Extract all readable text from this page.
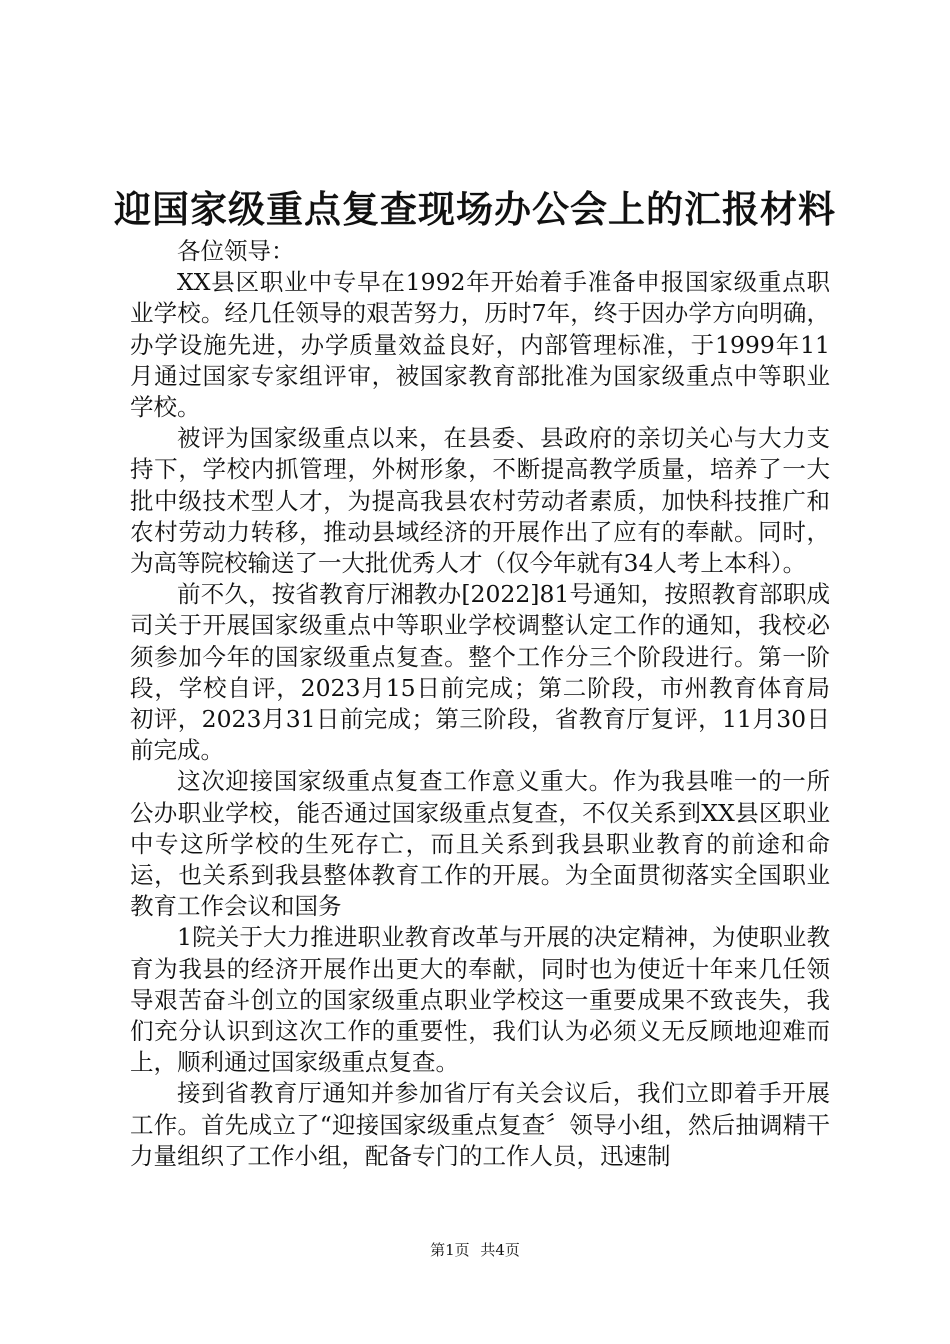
迎国家级重点复查现场办公会上的汇报材料

各位领导：

XX县区职业中专早在1992年开始着手准备申报国家级重点职业学校。经几任领导的艰苦努力，历时7年，终于因办学方向明确，办学设施先进，办学质量效益良好，内部管理标准，于1999年11月通过国家专家组评审，被国家教育部批准为国家级重点中等职业学校。

被评为国家级重点以来，在县委、县政府的亲切关心与大力支持下，学校内抓管理，外树形象，不断提高教学质量，培养了一大批中级技术型人才，为提高我县农村劳动者素质，加快科技推广和农村劳动力转移，推动县域经济的开展作出了应有的奉献。同时，为高等院校输送了一大批优秀人才（仅今年就有34人考上本科）。

前不久，按省教育厅湘教办[2022]81号通知，按照教育部职成司关于开展国家级重点中等职业学校调整认定工作的通知，我校必须参加今年的国家级重点复查。整个工作分三个阶段进行。第一阶段，学校自评，2023月15日前完成；第二阶段，市州教育体育局初评，2023月31日前完成；第三阶段，省教育厅复评，11月30日前完成。

这次迎接国家级重点复查工作意义重大。作为我县唯一的一所公办职业学校，能否通过国家级重点复查，不仅关系到XX县区职业中专这所学校的生死存亡，而且关系到我县职业教育的前途和命运，也关系到我县整体教育工作的开展。为全面贯彻落实全国职业教育工作会议和国务

1院关于大力推进职业教育改革与开展的决定精神，为使职业教育为我县的经济开展作出更大的奉献，同时也为使近十年来几任领导艰苦奋斗创立的国家级重点职业学校这一重要成果不致丧失，我们充分认识到这次工作的重要性，我们认为必须义无反顾地迎难而上，顺利通过国家级重点复查。

接到省教育厅通知并参加省厅有关会议后，我们立即着手开展工作。首先成立了“迎接国家级重点复查〞领导小组，然后抽调精干力量组织了工作小组，配备专门的工作人员，迅速制

第1页 共4页
